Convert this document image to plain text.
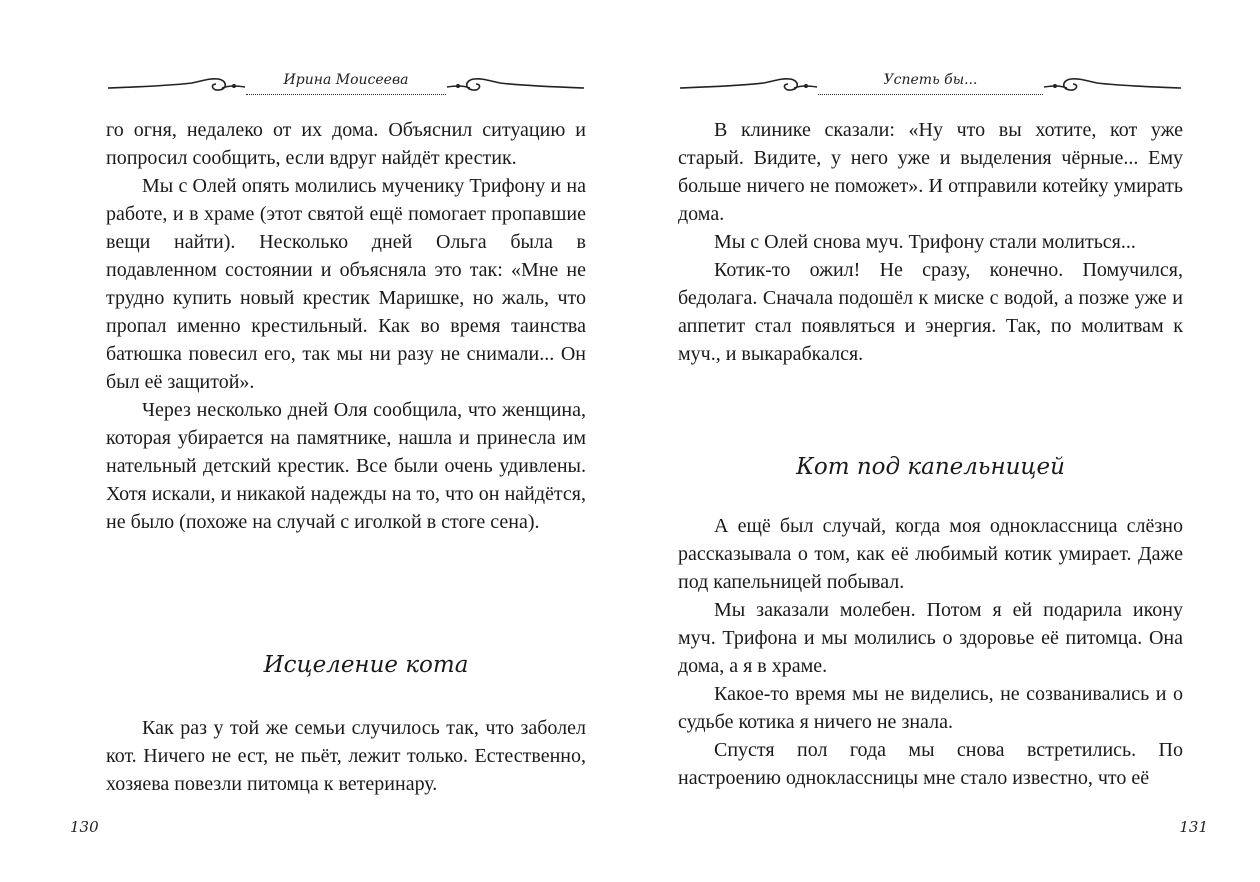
Ирина Моисеева

го огня, недалеко от их дома. Объяснил ситуацию и попросил сообщить, если вдруг найдёт крестик.

Мы с Олей опять молились мученику Трифону и на работе, и в храме (этот святой ещё помогает пропавшие вещи найти). Несколько дней Ольга была в подавленном состоянии и объясняла это так: «Мне не трудно купить новый крестик Маришке, но жаль, что пропал именно крестильный. Как во время таинства батюшка повесил его, так мы ни разу не снимали... Он был её защитой».

Через несколько дней Оля сообщила, что женщина, которая убирается на памятнике, нашла и принесла им нательный детский крестик. Все были очень удивлены. Хотя искали, и никакой надежды на то, что он найдётся, не было (похоже на случай с иголкой в стоге сена).

Исцеление кота

Как раз у той же семьи случилось так, что заболел кот. Ничего не ест, не пьёт, лежит только. Естественно, хозяева повезли питомца к ветеринару.

130
Успеть бы...

В клинике сказали: «Ну что вы хотите, кот уже старый. Видите, у него уже и выделения чёрные... Ему больше ничего не поможет». И отправили котейку умирать дома.

Мы с Олей снова муч. Трифону стали молиться...

Котик-то ожил! Не сразу, конечно. Помучился, бедолага. Сначала подошёл к миске с водой, а позже уже и аппетит стал появляться и энергия. Так, по молитвам к муч., и выкарабкался.

Кот под капельницей

А ещё был случай, когда моя одноклассница слёзно рассказывала о том, как её любимый котик умирает. Даже под капельницей побывал.

Мы заказали молебен. Потом я ей подарила икону муч. Трифона и мы молились о здоровье её питомца. Она дома, а я в храме.

Какое-то время мы не виделись, не созванивались и о судьбе котика я ничего не знала.

Спустя пол года мы снова встретились. По настроению одноклассницы мне стало известно, что её

131
